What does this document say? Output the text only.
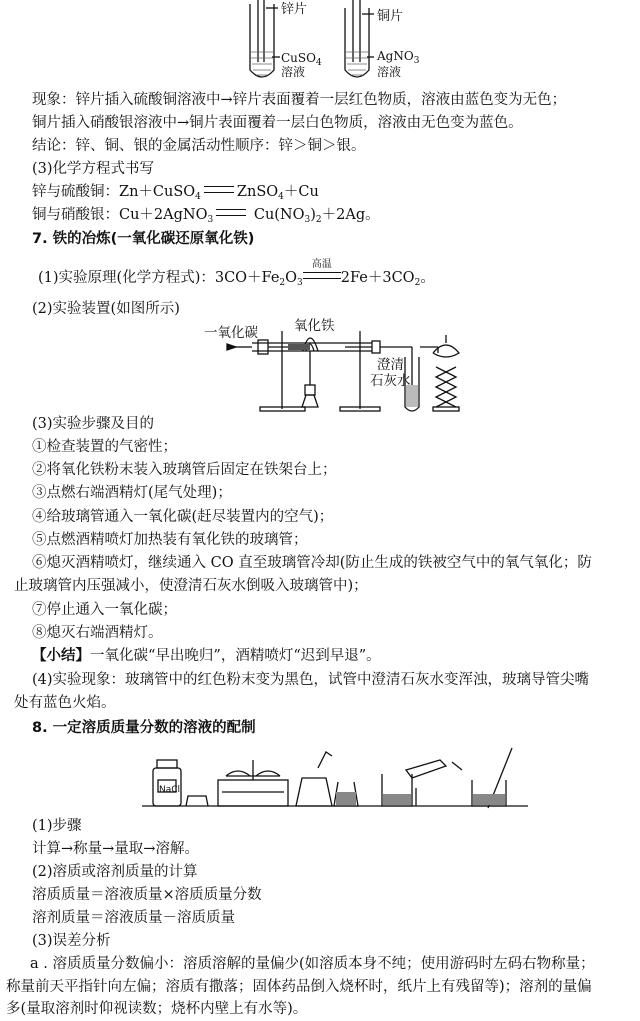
锌片
CuSO$_4$
溶液
铜片
AgNO$_3$
溶液
现象：锌片插入硫酸铜溶液中→锌片表面覆着一层红色物质，溶液由蓝色变为无色；
铜片插入硝酸银溶液中→铜片表面覆着一层白色物质，溶液由无色变为蓝色。
结论：锌、铜、银的金属活动性顺序：锌＞铜＞银。
(3)化学方程式书写
锌与硫酸铜：Zn＋CuSO$_4$ ZnSO$_4$＋Cu
铜与硝酸银：Cu＋2AgNO$_3$	$Cu(NO_3)_2+2Ag$。
7. 铁的冶炼(一氧化碳还原氧化铁)
(1)实验原理(化学方程式)：$3CO+Fe_2O_3$
高温
$2Fe+3CO_2$。
(2)实验装置(如图所示)
一氧化碳	氧化铁
澄清
石灰水
(3)实验步骤及目的
①检查装置的气密性；
②将氧化铁粉末装入玻璃管后固定在铁架台上；
③点燃右端酒精灯(尾气处理)；
④给玻璃管通入一氧化碳(赶尽装置内的空气)；
⑤点燃酒精喷灯加热装有氧化铁的玻璃管；
⑥熄灭酒精喷灯，继续通入 CO 直至玻璃管冷却(防止生成的铁被空气中的氧气氧化；防
止玻璃管内压强减小，使澄清石灰水倒吸入玻璃管中)；
⑦停止通入一氧化碳；
⑧熄灭右端酒精灯。
【小结】一氧化碳“早出晚归”，酒精喷灯“迟到早退”。
(4)实验现象：玻璃管中的红色粉末变为黑色，试管中澄清石灰水变浑浊，玻璃导管尖嘴
处有蓝色火焰。
8. 一定溶质质量分数的溶液的配制
NaCl
(1)步骤
计算→称量→量取→溶解。
(2)溶质或溶剂质量的计算
溶质质量＝溶液质量×溶质质量分数
溶剂质量＝溶液质量－溶质质量
(3)误差分析
a . 溶质质量分数偏小：溶质溶解的量偏少(如溶质本身不纯；使用游码时左码右物称量；
称量前天平指针向左偏；溶质有撒落；固体药品倒入烧杯时，纸片上有残留等)；溶剂的量偏
多(量取溶剂时仰视读数；烧杯内壁上有水等)。
